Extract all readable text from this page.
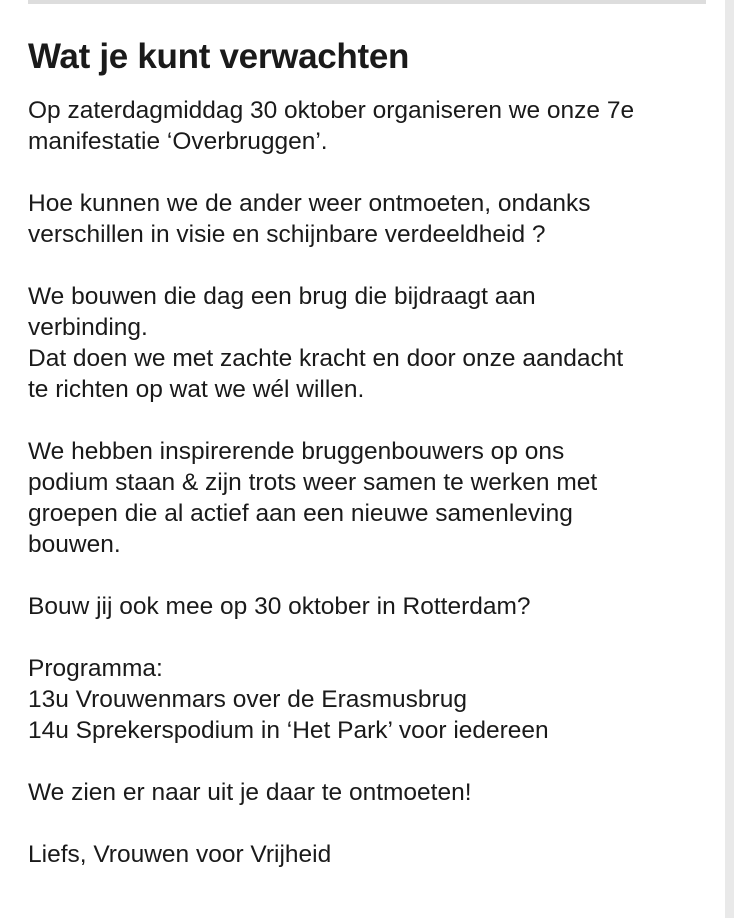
Wat je kunt verwachten

Op zaterdagmiddag 30 oktober organiseren we onze 7e
manifestatie ‘Overbruggen’.

Hoe kunnen we de ander weer ontmoeten, ondanks
verschillen in visie en schijnbare verdeeldheid ?

We bouwen die dag een brug die bijdraagt aan
verbinding.
Dat doen we met zachte kracht en door onze aandacht
te richten op wat we wél willen.

We hebben inspirerende bruggenbouwers op ons
podium staan & zijn trots weer samen te werken met
groepen die al actief aan een nieuwe samenleving
bouwen.

Bouw jij ook mee op 30 oktober in Rotterdam?

Programma:
13u Vrouwenmars over de Erasmusbrug
14u Sprekerspodium in ‘Het Park’ voor iedereen

We zien er naar uit je daar te ontmoeten!

Liefs, Vrouwen voor Vrijheid
